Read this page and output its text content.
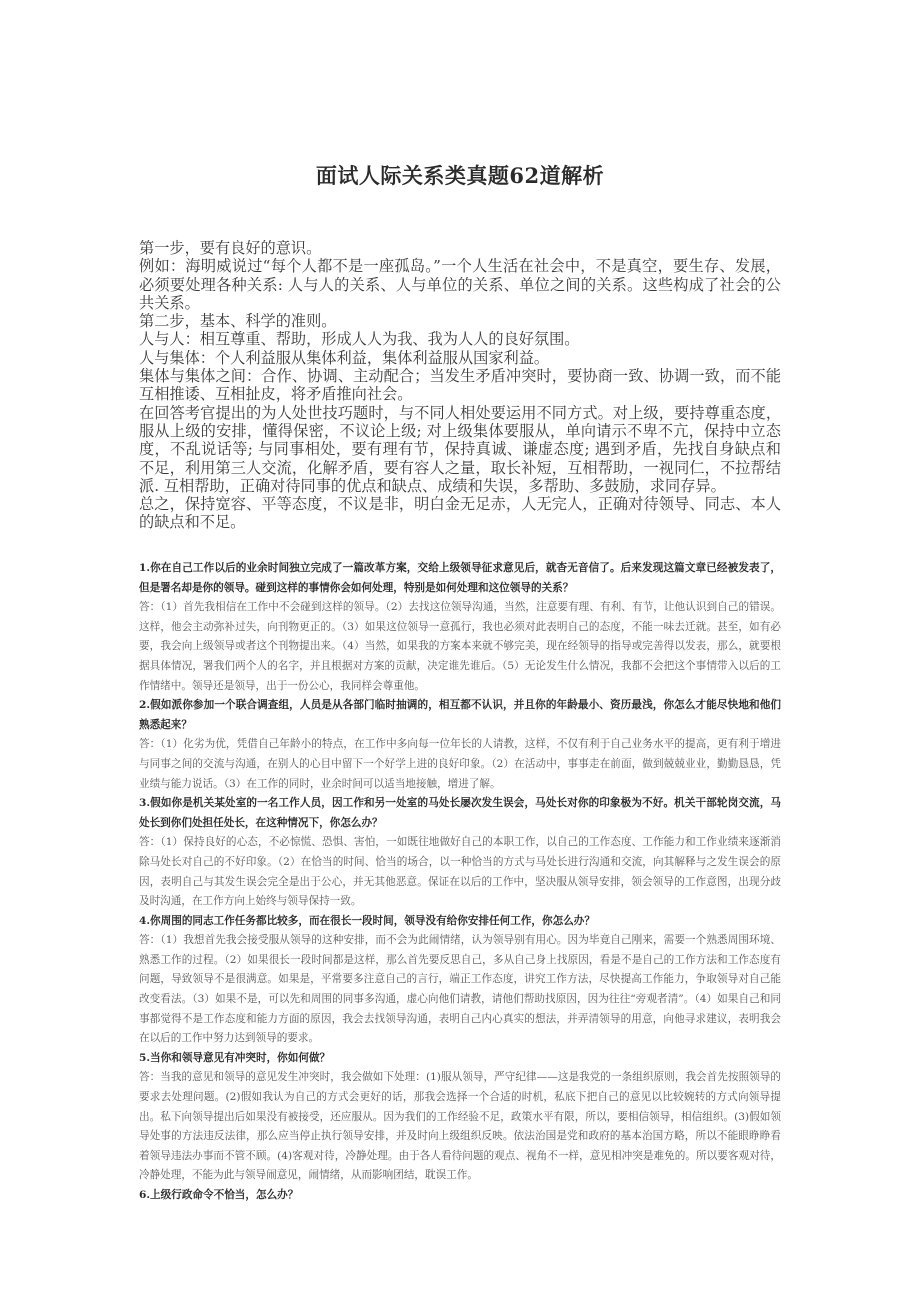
面试人际关系类真题62道解析

第一步，要有良好的意识。

例如：海明威说过“每个人都不是一座孤岛。”一个人生活在社会中，不是真空，要生存、发展，必须要处理各种关系: 人与人的关系、人与单位的关系、单位之间的关系。这些构成了社会的公共关系。

第二步，基本、科学的准则。

人与人：相互尊重、帮助，形成人人为我、我为人人的良好氛围。

人与集体：个人利益服从集体利益，集体利益服从国家利益。

集体与集体之间：合作、协调、主动配合；当发生矛盾冲突时，要协商一致、协调一致，而不能互相推诿、互相扯皮，将矛盾推向社会。

在回答考官提出的为人处世技巧题时，与不同人相处要运用不同方式。对上级，要持尊重态度，服从上级的安排，懂得保密，不议论上级; 对上级集体要服从，单向请示不卑不亢，保持中立态度，不乱说话等; 与同事相处，要有理有节，保持真诚、谦虚态度; 遇到矛盾，先找自身缺点和不足，利用第三人交流，化解矛盾，要有容人之量，取长补短，互相帮助，一视同仁，不拉帮结派. 互相帮助，正确对待同事的优点和缺点、成绩和失误，多帮助、多鼓励，求同存异。

总之，保持宽容、平等态度，不议是非，明白金无足赤，人无完人，正确对待领导、同志、本人的缺点和不足。

1.你在自己工作以后的业余时间独立完成了一篇改革方案，交给上级领导征求意见后，就杳无音信了。后来发现这篇文章已经被发表了，但是署名却是你的领导。碰到这样的事情你会如何处理，特别是如何处理和这位领导的关系？

答：（1）首先我相信在工作中不会碰到这样的领导。（2）去找这位领导沟通，当然，注意要有理、有利、有节，让他认识到自己的错误。这样，他会主动弥补过失，向刊物更正的。（3）如果这位领导一意孤行，我也必须对此表明自己的态度，不能一味去迁就。甚至，如有必要，我会向上级领导或者这个刊物提出来。（4）当然，如果我的方案本来就不够完美，现在经领导的指导或完善得以发表，那么，就要根据具体情况，署我们两个人的名字，并且根据对方案的贡献，决定谁先谁后。（5）无论发生什么情况，我都不会把这个事情带入以后的工作情绪中。领导还是领导，出于一份公心，我同样会尊重他。

2.假如派你参加一个联合调查组，人员是从各部门临时抽调的，相互都不认识，并且你的年龄最小、资历最浅，你怎么才能尽快地和他们熟悉起来？

答：（1）化劣为优，凭借自己年龄小的特点，在工作中多向每一位年长的人请教，这样，不仅有利于自己业务水平的提高，更有利于增进与同事之间的交流与沟通，在别人的心目中留下一个好学上进的良好印象。（2）在活动中，事事走在前面，做到兢兢业业，勤勤恳恳，凭业绩与能力说话。（3）在工作的同时，业余时间可以适当地接触，增进了解。

3.假如你是机关某处室的一名工作人员，因工作和另一处室的马处长屡次发生误会，马处长对你的印象极为不好。机关干部轮岗交流，马处长到你们处担任处长，在这种情况下，你怎么办？

答：（1）保持良好的心态，不必惊慌、恐惧、害怕，一如既往地做好自己的本职工作，以自己的工作态度、工作能力和工作业绩来逐渐消除马处长对自己的不好印象。（2）在恰当的时间、恰当的场合，以一种恰当的方式与马处长进行沟通和交流，向其解释与之发生误会的原因，表明自己与其发生误会完全是出于公心，并无其他恶意。保证在以后的工作中，坚决服从领导安排，领会领导的工作意图，出现分歧及时沟通，在工作方向上始终与领导保持一致。

4.你周围的同志工作任务都比较多，而在很长一段时间，领导没有给你安排任何工作，你怎么办？

答：（1）我想首先我会接受服从领导的这种安排，而不会为此闹情绪，认为领导别有用心。因为毕竟自己刚来，需要一个熟悉周围环境、熟悉工作的过程。（2）如果很长一段时间都是这样，那么首先要反思自己，多从自己身上找原因，看是不是自己的工作方法和工作态度有问题，导致领导不是很满意。如果是，平常要多注意自己的言行，端正工作态度，讲究工作方法，尽快提高工作能力，争取领导对自己能改变看法。（3）如果不是，可以先和周围的同事多沟通，虚心向他们请教，请他们帮助找原因，因为往往“旁观者清”。（4）如果自己和同事都觉得不是工作态度和能力方面的原因，我会去找领导沟通，表明自己内心真实的想法，并弄清领导的用意，向他寻求建议，表明我会在以后的工作中努力达到领导的要求。

5.当你和领导意见有冲突时，你如何做？

答：当我的意见和领导的意见发生冲突时，我会做如下处理：(1)服从领导，严守纪律——这是我党的一条组织原则，我会首先按照领导的要求去处理问题。(2)假如我认为自己的方式会更好的话，那我会选择一个合适的时机，私底下把自己的意见以比较婉转的方式向领导提出。私下向领导提出后如果没有被接受，还应服从。因为我们的工作经验不足，政策水平有限，所以，要相信领导，相信组织。(3)假如领导处事的方法违反法律，那么应当停止执行领导安排，并及时向上级组织反映。依法治国是党和政府的基本治国方略，所以不能眼睁睁看着领导违法办事而不管不顾。(4)客观对待，冷静处理。由于各人看待问题的观点、视角不一样，意见相冲突是难免的。所以要客观对待，冷静处理，不能为此与领导闹意见，闹情绪，从而影响团结，耽误工作。

6.上级行政命令不恰当，怎么办？
